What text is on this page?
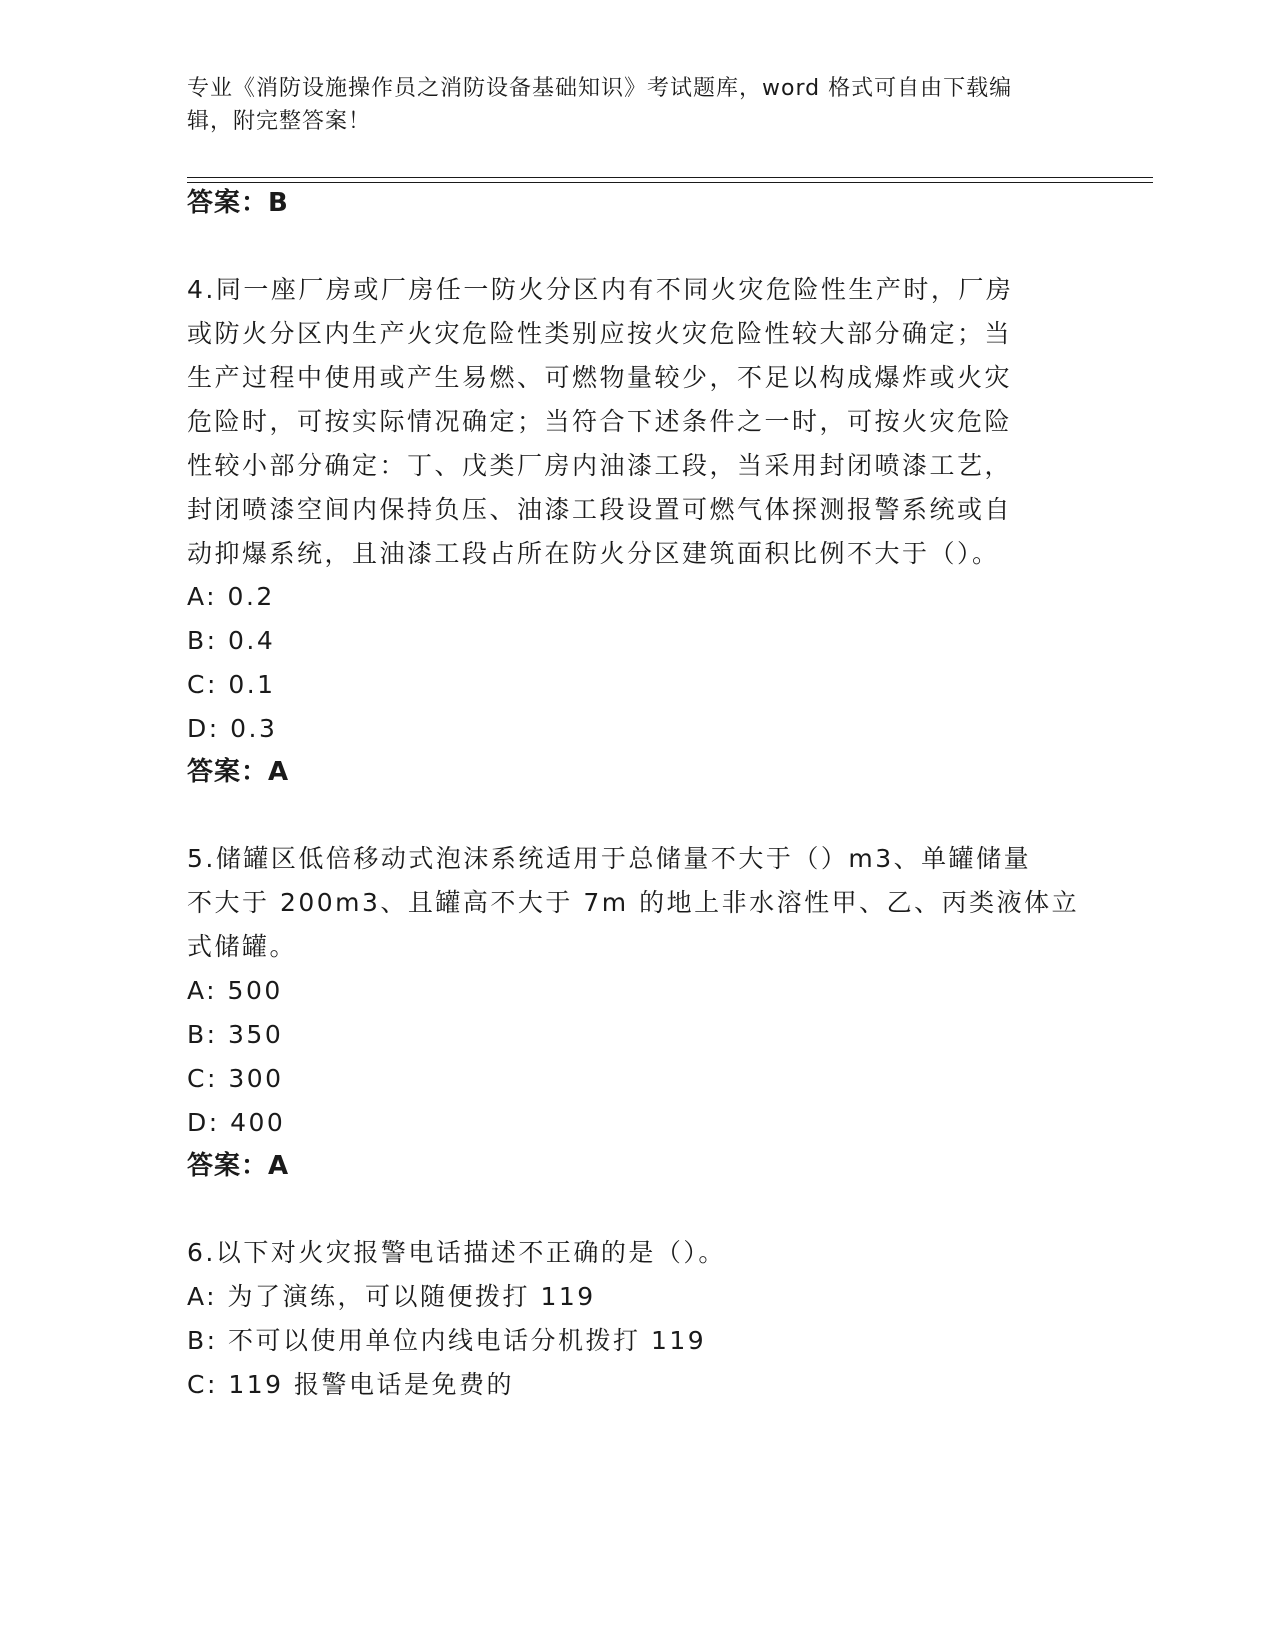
专业《消防设施操作员之消防设备基础知识》考试题库，word 格式可自由下载编
辑，附完整答案！
答案：B
4.同一座厂房或厂房任一防火分区内有不同火灾危险性生产时，厂房
或防火分区内生产火灾危险性类别应按火灾危险性较大部分确定；当
生产过程中使用或产生易燃、可燃物量较少，不足以构成爆炸或火灾
危险时，可按实际情况确定；当符合下述条件之一时，可按火灾危险
性较小部分确定：丁、戊类厂房内油漆工段，当采用封闭喷漆工艺，
封闭喷漆空间内保持负压、油漆工段设置可燃气体探测报警系统或自
动抑爆系统，且油漆工段占所在防火分区建筑面积比例不大于（）。
A: 0.2
B: 0.4
C: 0.1
D: 0.3
答案：A
5.储罐区低倍移动式泡沫系统适用于总储量不大于（）m3、单罐储量
不大于 200m3、且罐高不大于 7m 的地上非水溶性甲、乙、丙类液体立
式储罐。
A: 500
B: 350
C: 300
D: 400
答案：A
6.以下对火灾报警电话描述不正确的是（）。
A: 为了演练，可以随便拨打 119
B: 不可以使用单位内线电话分机拨打 119
C: 119 报警电话是免费的
